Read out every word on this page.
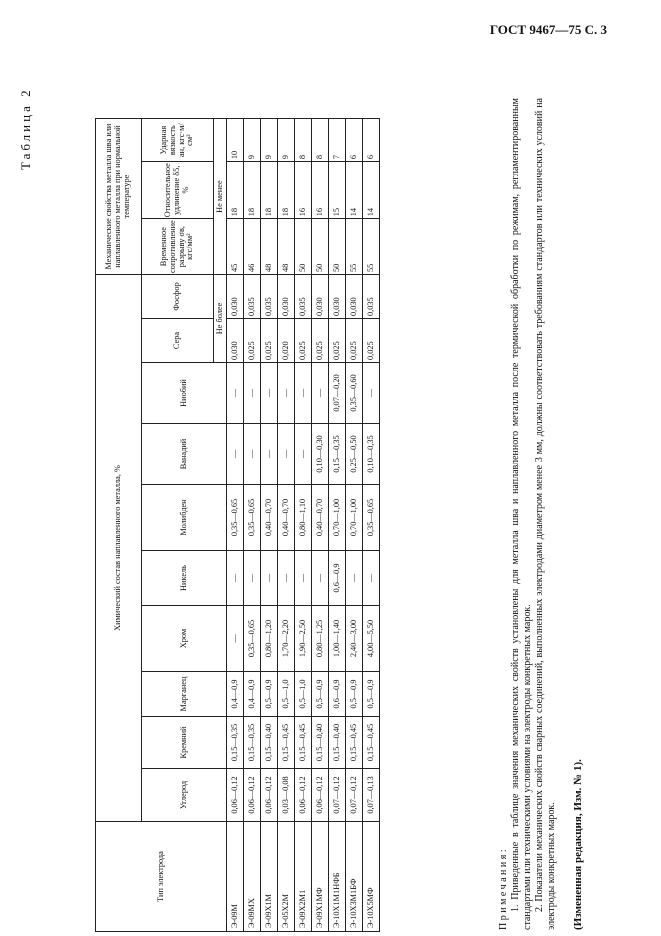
ГОСТ 9467—75 С. 3
Таблица 2
Тип электрода	Химический состав наплавленного металла, %										Механические свойства металла шва или наплавленного металла при нормальной температуре		
	Углерод	Кремний	Марганец	Хром	Никель	Молибден	Ванадий	Ниобий	Сера	Фосфор	Временное сопротивление разрыву σв, кгс/мм²	Относительное удлинение δ5, %	Ударная вязкость aн, кгс·м/см²
									Не более		Не менее		
Э-09М	0,06—0,12	0,15—0,35	0,4—0,9	—	—	0,35—0,65	—	—	0,030	0,030	45	18	10
Э-09МХ	0,06—0,12	0,15—0,35	0,4—0,9	0,35—0,65	—	0,35—0,65	—	—	0,025	0,035	46	18	9
Э-09Х1М	0,06—0,12	0,15—0,40	0,5—0,9	0,80—1,20	—	0,40—0,70	—	—	0,025	0,035	48	18	9
Э-05Х2М	0,03—0,08	0,15—0,45	0,5—1,0	1,70—2,20	—	0,40—0,70	—	—	0,020	0,030	48	18	9
Э-09Х2М1	0,06—0,12	0,15—0,45	0,5—1,0	1,90—2,50	—	0,80—1,10	—	—	0,025	0,035	50	16	8
Э-09Х1МФ	0,06—0,12	0,15—0,40	0,5—0,9	0,80—1,25	—	0,40—0,70	0,10—0,30	—	0,025	0,030	50	16	8
Э-10Х1М1НФБ	0,07—0,12	0,15—0,40	0,6—0,9	1,00—1,40	0,6—0,9	0,70—1,00	0,15—0,35	0,07—0,20	0,025	0,030	50	15	7
Э-10Х3М1БФ	0,07—0,12	0,15—0,45	0,5—0,9	2,40—3,00	—	0,70—1,00	0,25—0,50	0,35—0,60	0,025	0,030	55	14	6
Э-10Х5МФ	0,07—0,13	0,15—0,45	0,5—0,9	4,00—5,50	—	0,35—0,65	0,10—0,35	—	0,025	0,035	55	14	6
Примечания: 1. Приведенные в таблице значения механических свойств установлены для металла шва и наплавленного металла после термической обработки по режимам, регламентированным стандартами или техническими условиями на электроды конкретных марок. 2. Показатели механических свойств сварных соединений, выполненных электродами диаметром менее 3 мм, должны соответствовать требованиям стандартов или технических условий на электроды конкретных марок. (Измененная редакция, Изм. № 1).
